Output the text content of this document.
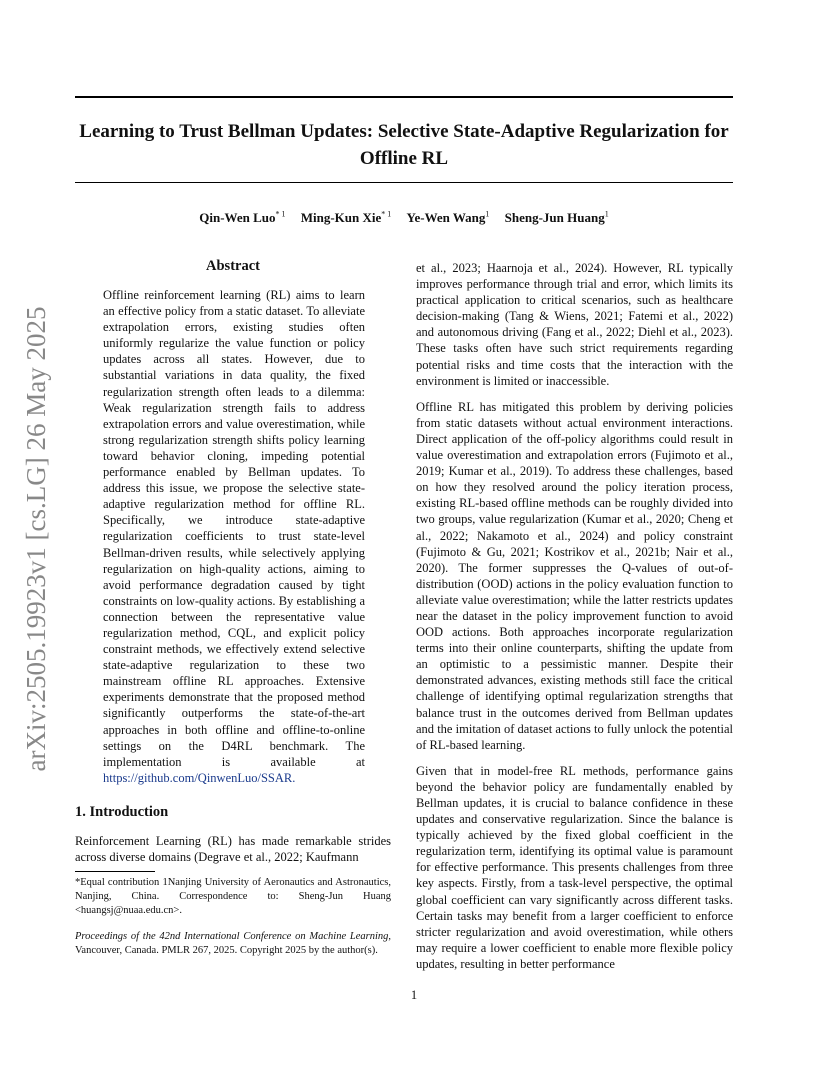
Learning to Trust Bellman Updates: Selective State-Adaptive Regularization for Offline RL
Qin-Wen Luo$^{* 1}$ Ming-Kun Xie$^{* 1}$ Ye-Wen Wang$^1$ Sheng-Jun Huang$^1$
arXiv:2505.19923v1 [cs.LG] 26 May 2025
Abstract
Offline reinforcement learning (RL) aims to learn an effective policy from a static dataset. To alleviate extrapolation errors, existing studies often uniformly regularize the value function or policy updates across all states. However, due to substantial variations in data quality, the fixed regularization strength often leads to a dilemma: Weak regularization strength fails to address extrapolation errors and value overestimation, while strong regularization strength shifts policy learning toward behavior cloning, impeding potential performance enabled by Bellman updates. To address this issue, we propose the selective state-adaptive regularization method for offline RL. Specifically, we introduce state-adaptive regularization coefficients to trust state-level Bellman-driven results, while selectively applying regularization on high-quality actions, aiming to avoid performance degradation caused by tight constraints on low-quality actions. By establishing a connection between the representative value regularization method, CQL, and explicit policy constraint methods, we effectively extend selective state-adaptive regularization to these two mainstream offline RL approaches. Extensive experiments demonstrate that the proposed method significantly outperforms the state-of-the-art approaches in both offline and offline-to-online settings on the D4RL benchmark. The implementation is available at https://github.com/QinwenLuo/SSAR.
1. Introduction
Reinforcement Learning (RL) has made remarkable strides across diverse domains (Degrave et al., 2022; Kaufmann
*Equal contribution 1Nanjing University of Aeronautics and Astronautics, Nanjing, China. Correspondence to: Sheng-Jun Huang <huangsj@nuaa.edu.cn>.
Proceedings of the 42nd International Conference on Machine Learning, Vancouver, Canada. PMLR 267, 2025. Copyright 2025 by the author(s).

et al., 2023; Haarnoja et al., 2024). However, RL typically improves performance through trial and error, which limits its practical application to critical scenarios, such as healthcare decision-making (Tang & Wiens, 2021; Fatemi et al., 2022) and autonomous driving (Fang et al., 2022; Diehl et al., 2023). These tasks often have such strict requirements regarding potential risks and time costs that the interaction with the environment is limited or inaccessible.

Offline RL has mitigated this problem by deriving policies from static datasets without actual environment interactions. Direct application of the off-policy algorithms could result in value overestimation and extrapolation errors (Fujimoto et al., 2019; Kumar et al., 2019). To address these challenges, based on how they resolved around the policy iteration process, existing RL-based offline methods can be roughly divided into two groups, value regularization (Kumar et al., 2020; Cheng et al., 2022; Nakamoto et al., 2024) and policy constraint (Fujimoto & Gu, 2021; Kostrikov et al., 2021b; Nair et al., 2020). The former suppresses the Q-values of out-of-distribution (OOD) actions in the policy evaluation function to alleviate value overestimation; while the latter restricts updates near the dataset in the policy improvement function to avoid OOD actions. Both approaches incorporate regularization terms into their online counterparts, shifting the update from an optimistic to a pessimistic manner. Despite their demonstrated advances, existing methods still face the critical challenge of identifying optimal regularization strengths that balance trust in the outcomes derived from Bellman updates and the imitation of dataset actions to fully unlock the potential of RL-based learning.

Given that in model-free RL methods, performance gains beyond the behavior policy are fundamentally enabled by Bellman updates, it is crucial to balance confidence in these updates and conservative regularization. Since the balance is typically achieved by the fixed global coefficient in the regularization term, identifying its optimal value is paramount for effective performance. This presents challenges from three key aspects. Firstly, from a task-level perspective, the optimal global coefficient can vary significantly across different tasks. Certain tasks may benefit from a larger coefficient to enforce stricter regularization and avoid overestimation, while others may require a lower coefficient to enable more flexible policy updates, resulting in better performance

1
